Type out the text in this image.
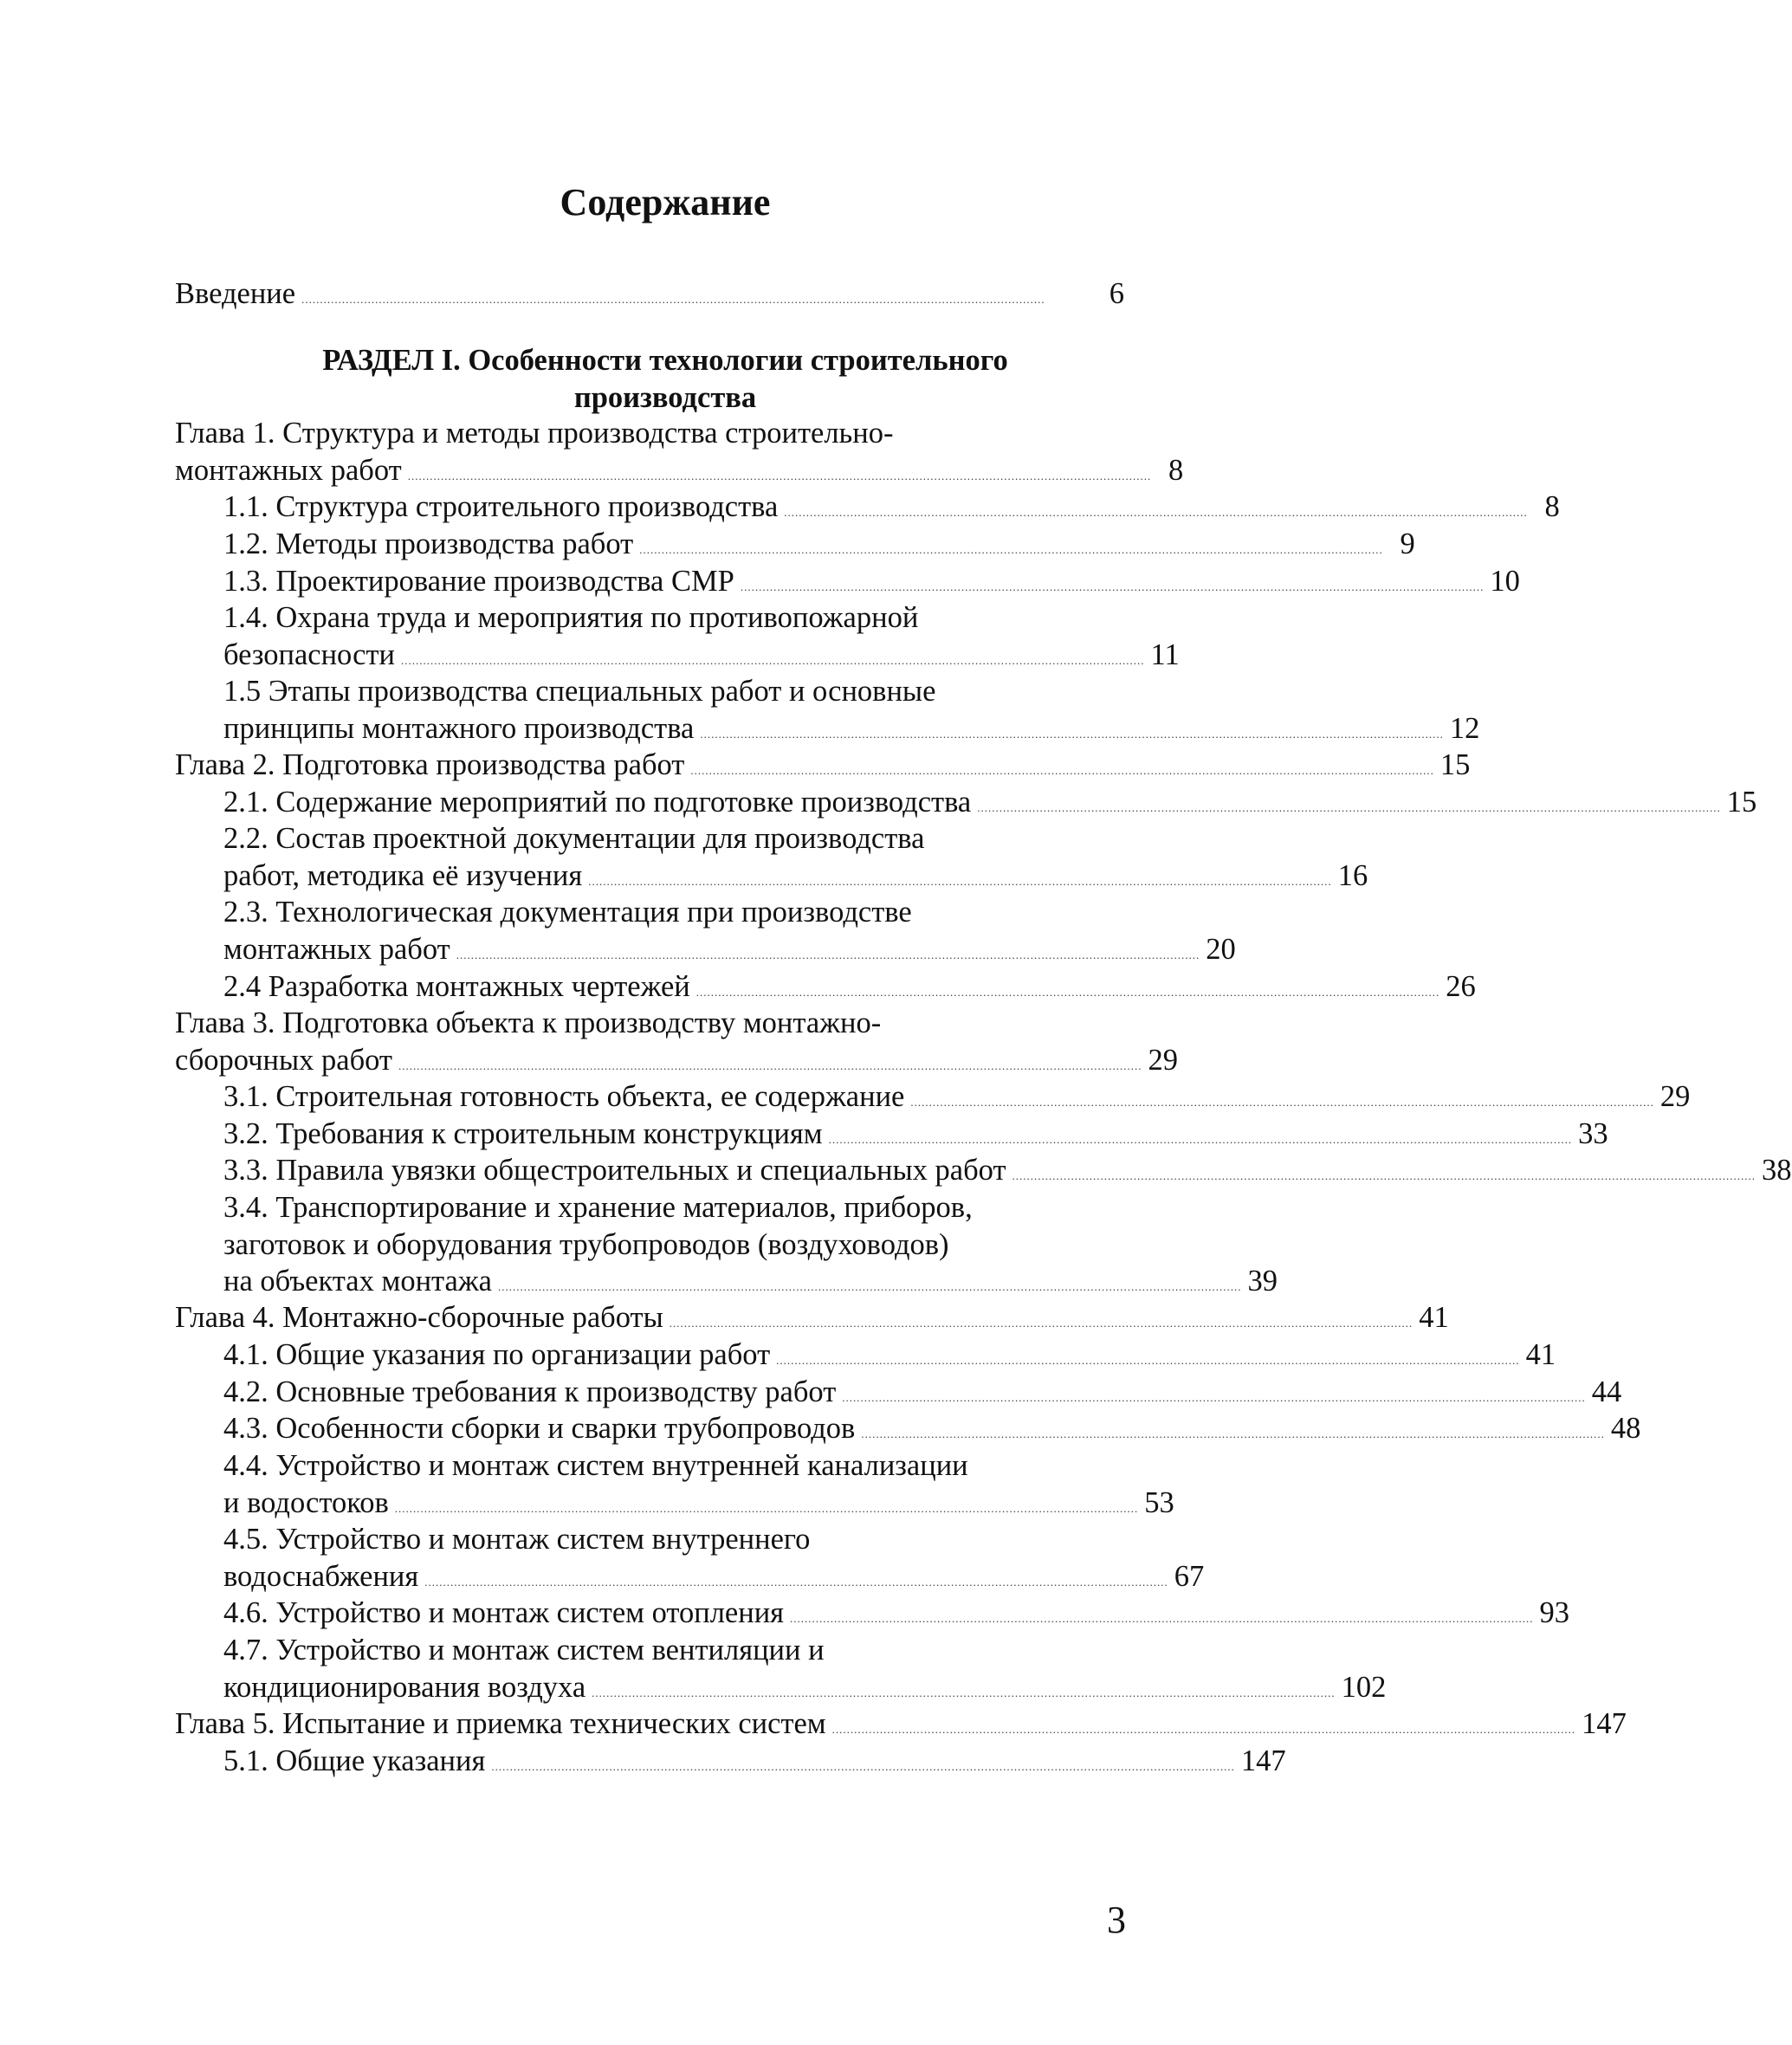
Содержание
Введение ..........................................................................................................................................................................................................	6
Глава 1. Структура и методы производства строительно-
монтажных работ .......................................................................................................................................................................................................... 8
1.1. Структура строительного производства .......................................................................................................................................................................................................... 8
1.2. Методы производства работ .......................................................................................................................................................................................................... 9
1.3. Проектирование производства СМР .......................................................................................................................................................................................................... 10
1.4. Охрана труда и мероприятия по противопожарной
безопасности .......................................................................................................................................................................................................... 11
1.5 Этапы производства специальных работ и основные
принципы монтажного производства .......................................................................................................................................................................................................... 12
Глава 2. Подготовка производства работ .......................................................................................................................................................................................................... 15
2.1. Содержание мероприятий по подготовке производства .......................................................................................................................................................................................................... 15
2.2. Состав проектной документации для производства
работ, методика её изучения .......................................................................................................................................................................................................... 16
2.3. Технологическая документация при производстве
монтажных работ .......................................................................................................................................................................................................... 20
2.4 Разработка монтажных чертежей .......................................................................................................................................................................................................... 26
Глава 3. Подготовка объекта к производству монтажно-
сборочных работ .......................................................................................................................................................................................................... 29
3.1. Строительная готовность объекта, ее содержание .......................................................................................................................................................................................................... 29
3.2. Требования к строительным конструкциям .......................................................................................................................................................................................................... 33
3.3. Правила увязки общестроительных и специальных работ .......................................................................................................................................................................................................... 38
3.4. Транспортирование и хранение материалов, приборов,
заготовок и оборудования трубопроводов (воздуховодов)
на объектах монтажа .......................................................................................................................................................................................................... 39
Глава 4. Монтажно-сборочные работы .......................................................................................................................................................................................................... 41
4.1. Общие указания по организации работ .......................................................................................................................................................................................................... 41
4.2. Основные требования к производству работ .......................................................................................................................................................................................................... 44
4.3. Особенности сборки и сварки трубопроводов .......................................................................................................................................................................................................... 48
4.4. Устройство и монтаж систем внутренней канализации
и водостоков .......................................................................................................................................................................................................... 53
4.5. Устройство и монтаж систем внутреннего
водоснабжения .......................................................................................................................................................................................................... 67
4.6. Устройство и монтаж систем отопления .......................................................................................................................................................................................................... 93
4.7. Устройство и монтаж систем вентиляции и
кондиционирования воздуха .......................................................................................................................................................................................................... 102
Глава 5. Испытание и приемка технических систем .......................................................................................................................................................................................................... 147
5.1. Общие указания .......................................................................................................................................................................................................... 147
РАЗДЕЛ I. Особенности технологии строительного
производства
3
